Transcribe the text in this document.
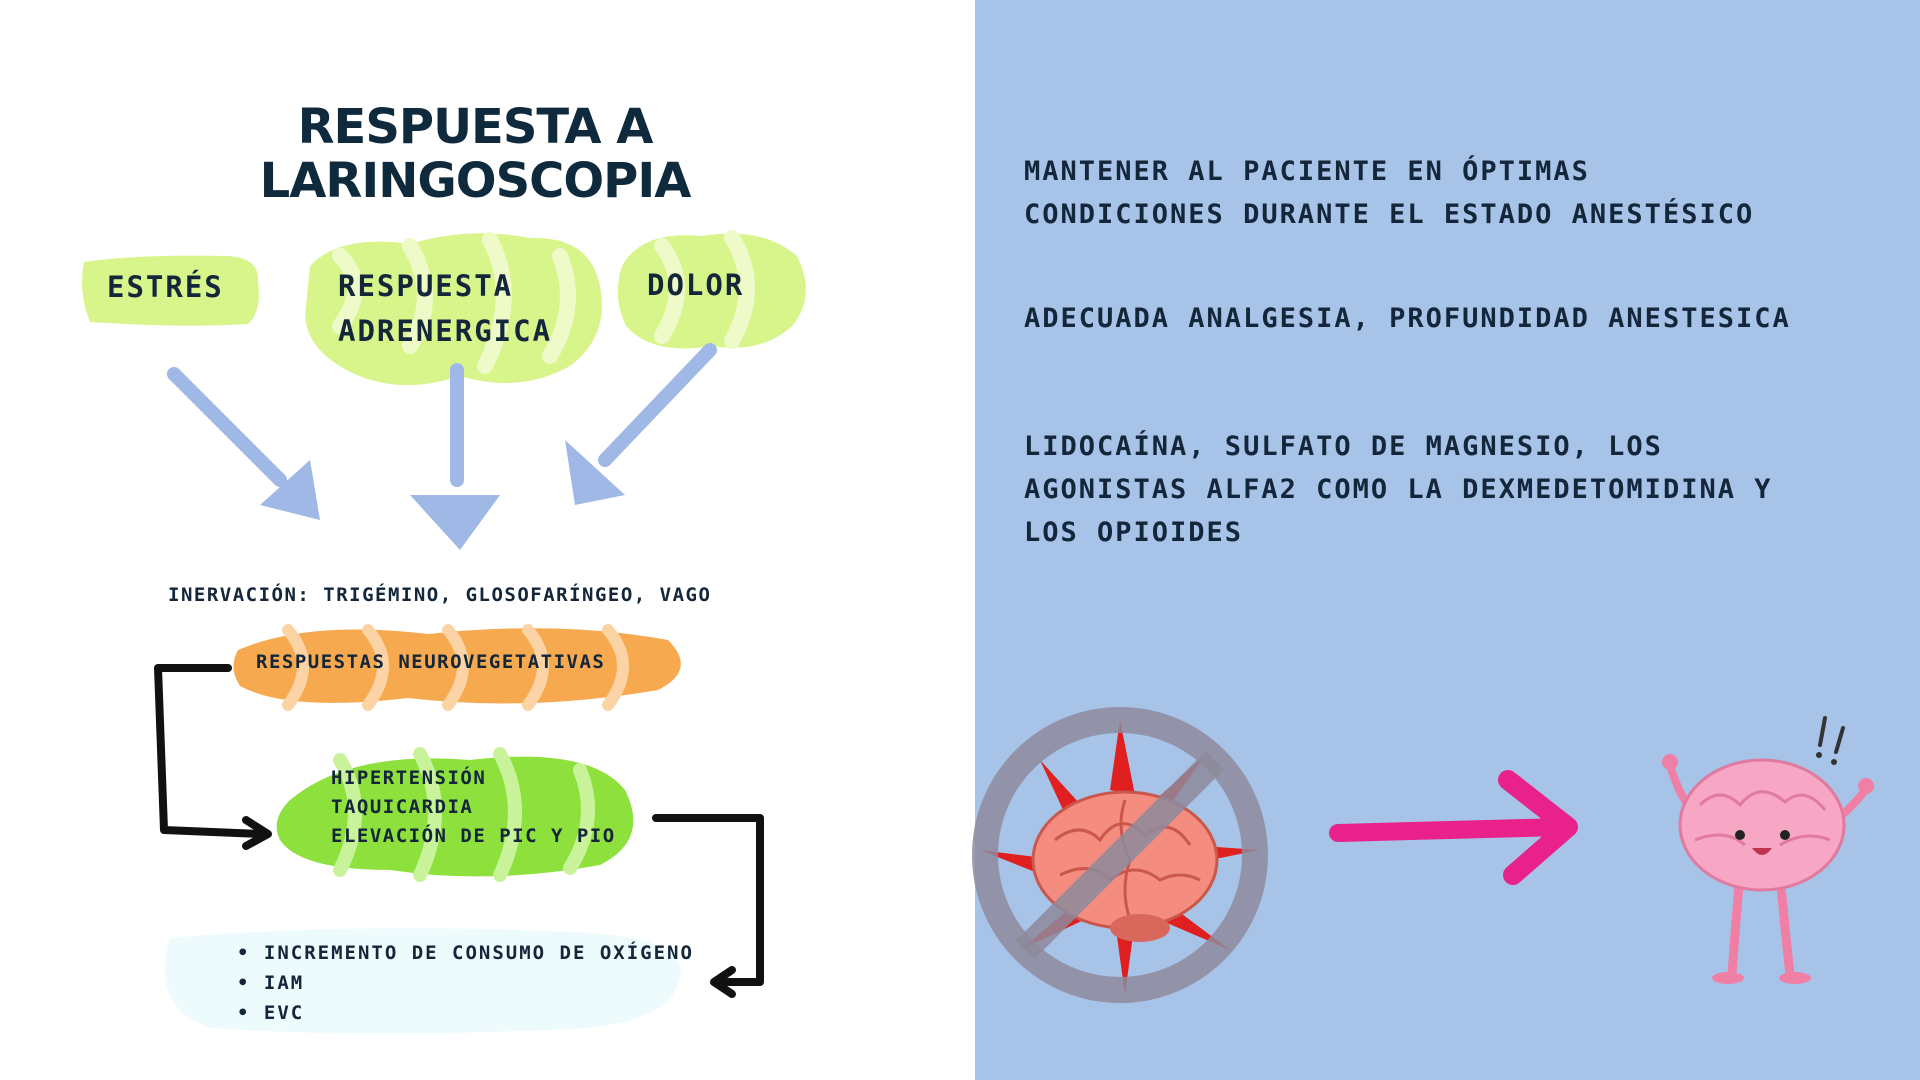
RESPUESTA A
LARINGOSCOPIA
ESTRÉS	RESPUESTA
ADRENERGICA
DOLOR
INERVACIÓN: TRIGÉMINO, GLOSOFARÍNGEO, VAGO
RESPUESTAS NEUROVEGETATIVAS
HIPERTENSIÓN
TAQUICARDIA
ELEVACIÓN DE PIC Y PIO
• INCREMENTO DE CONSUMO DE OXÍGENO
• IAM
• EVC

MANTENER AL PACIENTE EN ÓPTIMAS
CONDICIONES DURANTE EL ESTADO ANESTÉSICO

ADECUADA ANALGESIA, PROFUNDIDAD ANESTESICA

LIDOCAÍNA, SULFATO DE MAGNESIO, LOS
AGONISTAS ALFA2 COMO LA DEXMEDETOMIDINA Y
LOS OPIOIDES
